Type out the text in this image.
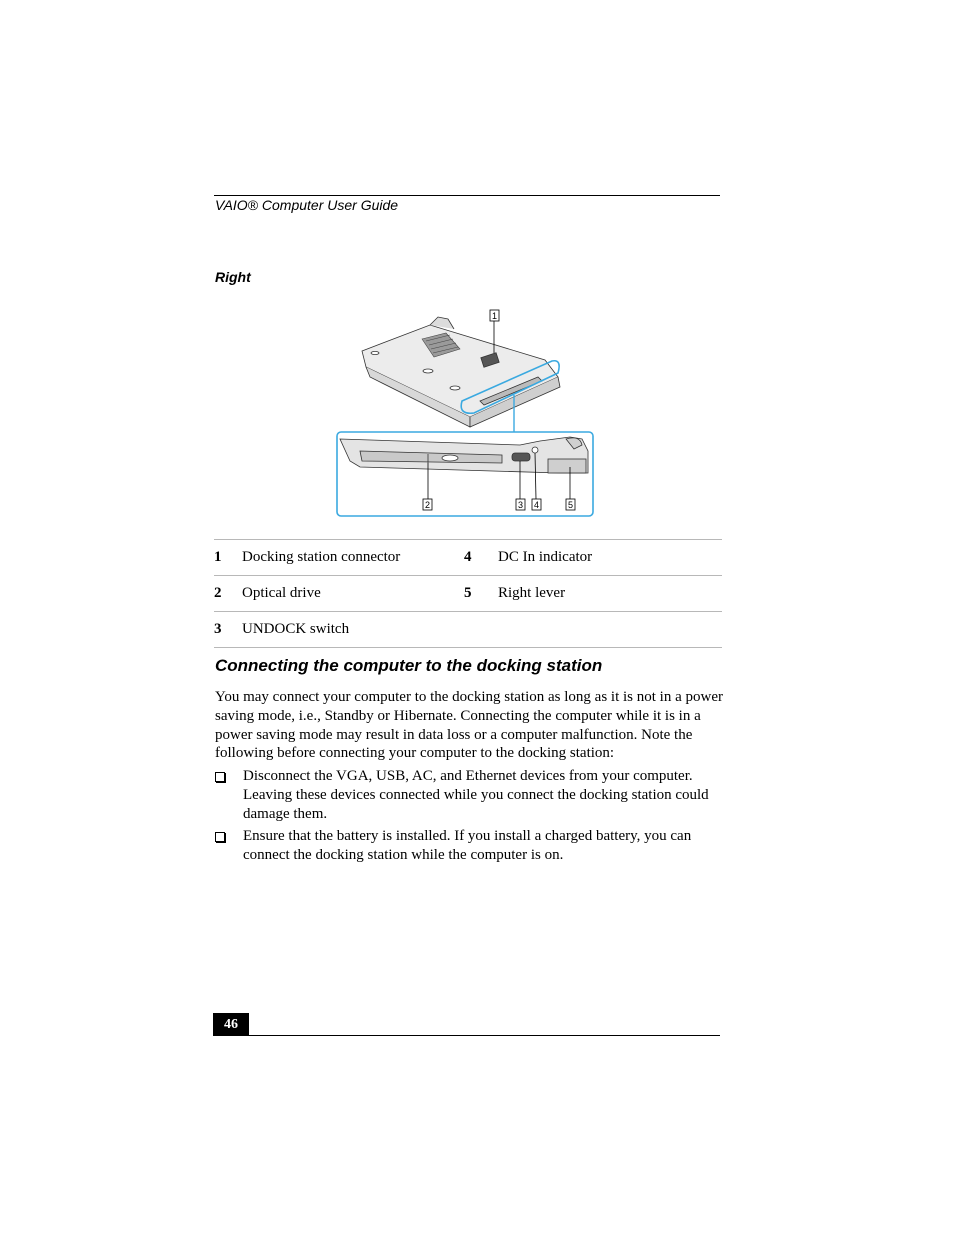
VAIO® Computer User Guide
Right
1
2	3 4	5
1	Docking station connector	4	DC In indicator
2	Optical drive	5	Right lever
3	UNDOCK switch		
Connecting the computer to the docking station

You may connect your computer to the docking station as long as it is not in a power saving mode, i.e., Standby or Hibernate. Connecting the computer while it is in a power saving mode may result in data loss or a computer malfunction. Note the following before connecting your computer to the docking station:

Disconnect the VGA, USB, AC, and Ethernet devices from your computer. Leaving these devices connected while you connect the docking station could damage them.
Ensure that the battery is installed. If you install a charged battery, you can connect the docking station while the computer is on.
46
